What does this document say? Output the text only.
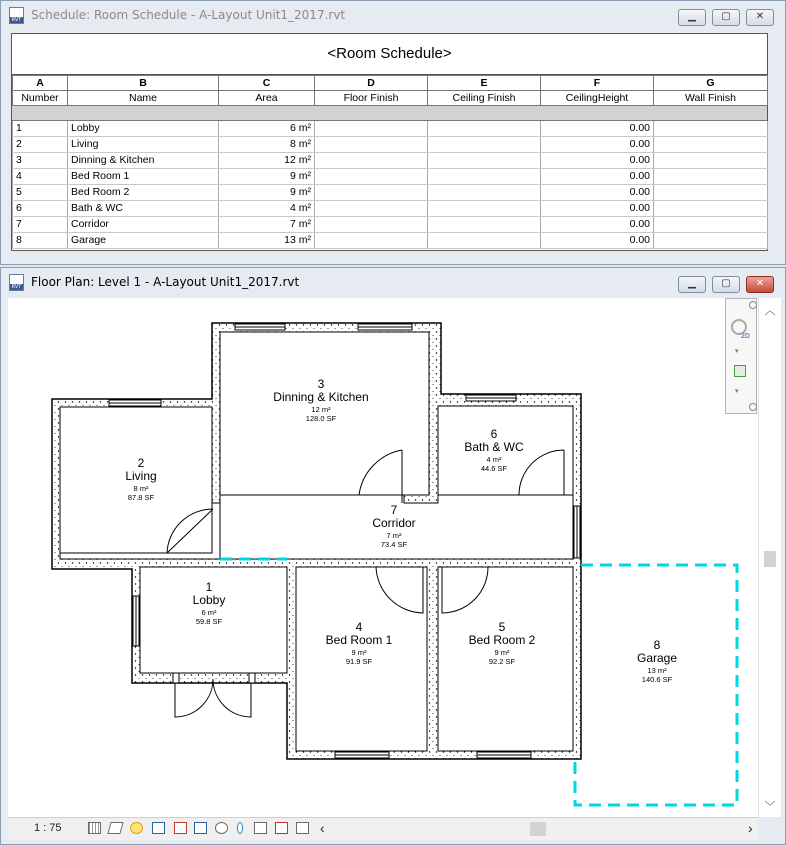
RVT
Schedule: Room Schedule - A-Layout Unit1_2017.rvt	▁	▢	✕
<Room Schedule>
A	B	C	D	E	F	G
Number	Name	Area	Floor Finish	Ceiling Finish	CeilingHeight	Wall Finish
1	Lobby	6 m²			0.00	
2	Living	8 m²			0.00	
3	Dinning & Kitchen	12 m²			0.00	
4	Bed Room 1	9 m²			0.00	
5	Bed Room 2	9 m²			0.00	
6	Bath & WC	4 m²			0.00	
7	Corridor	7 m²			0.00	
8	Garage	13 m²			0.00	
RVT
Floor Plan: Level 1 - A-Layout Unit1_2017.rvt	▁	▢	✕
1
Lobby
6 m²
59.8 SF
2
Living
8 m²
87.8 SF
3
Dinning & Kitchen
12 m²
128.0 SF
4
Bed Room 1
9 m²
91.9 SF
5
Bed Room 2
9 m²
92.2 SF
6
Bath & WC
4 m²
44.6 SF
7
Corridor
7 m²
73.4 SF
8
Garage
13 m²
140.6 SF
︿
﹀
2D
▾
▾
1 : 75	‹	›
